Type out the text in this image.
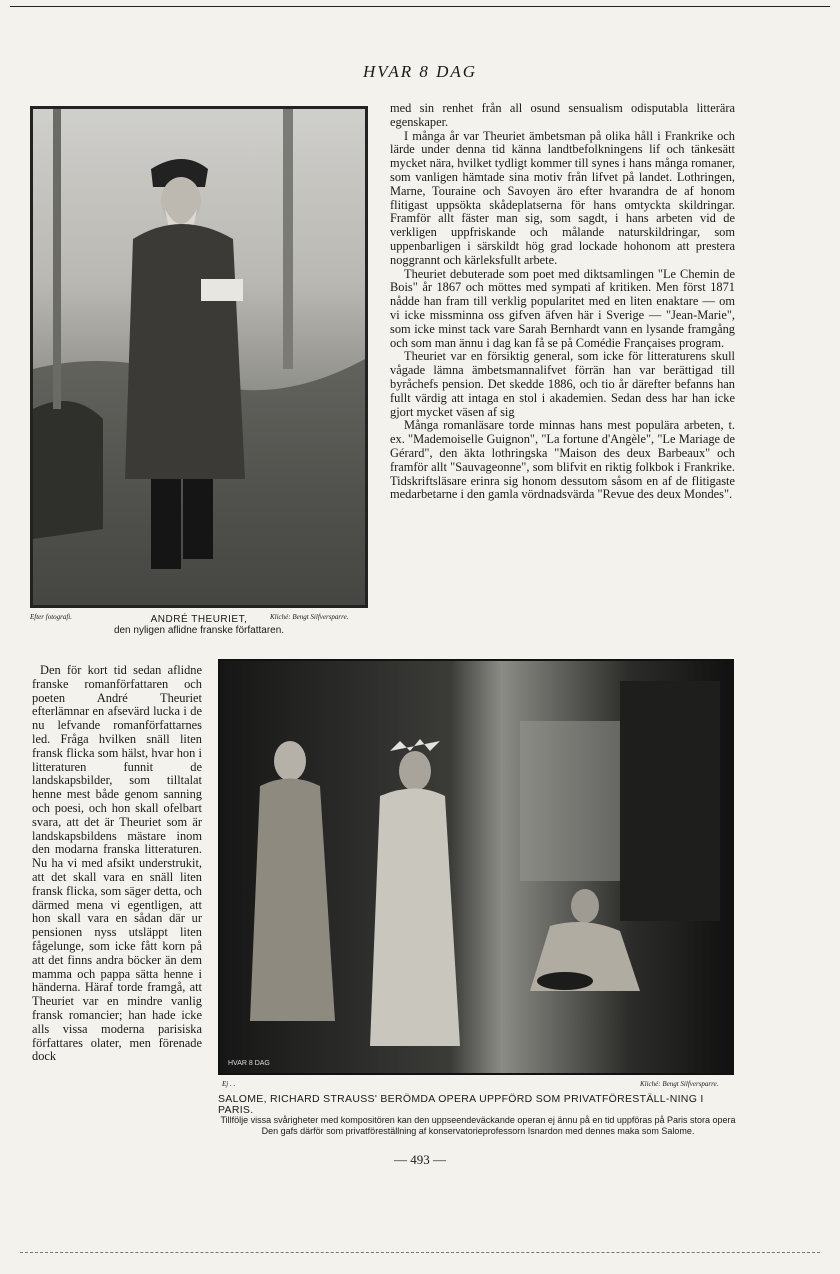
HVAR 8 DAG
Efter fotografi.	Kliché: Bengt Silfversparre.
ANDRÉ THEURIET,
den nyligen aflidne franske författaren.

med sin renhet från all osund sensualism odisputabla litterära egenskaper.

I många år var Theuriet ämbetsman på olika håll i Frankrike och lärde under denna tid känna landtbefolkningens lif och tänkesätt mycket nära, hvilket tydligt kommer till synes i hans många romaner, som vanligen hämtade sina motiv från lifvet på landet. Lothringen, Marne, Touraine och Savoyen äro efter hvarandra de af honom flitigast uppsökta skådeplatserna för hans omtyckta skildringar. Framför allt fäster man sig, som sagdt, i hans arbeten vid de verkligen uppfriskande och målande naturskildringar, som uppenbarligen i särskildt hög grad lockade hohonom att prestera noggrannt och kärleksfullt arbete.

Theuriet debuterade som poet med diktsamlingen "Le Chemin de Bois" år 1867 och möttes med sympati af kritiken. Men först 1871 nådde han fram till verklig popularitet med en liten enaktare — om vi icke missminna oss gifven äfven här i Sverige — "Jean-Marie", som icke minst tack vare Sarah Bernhardt vann en lysande framgång och som man ännu i dag kan få se på Comédie Françaises program.

Theuriet var en försiktig general, som icke för litteraturens skull vågade lämna ämbetsmannalifvet förrän han var berättigad till byråchefs pension. Det skedde 1886, och tio år därefter befanns han fullt värdig att intaga en stol i akademien. Sedan dess har han icke gjort mycket väsen af sig

Många romanläsare torde minnas hans mest populära arbeten, t. ex. "Mademoiselle Guignon", "La fortune d'Angèle", "Le Mariage de Gérard", den äkta lothringska "Maison des deux Barbeaux" och framför allt "Sauvageonne", som blifvit en riktig folkbok i Frankrike. Tidskriftsläsare erinra sig honom dessutom såsom en af de flitigaste medarbetarne i den gamla vördnadsvärda "Revue des deux Mondes".

Den för kort tid sedan aflidne franske romanförfattaren och poeten André Theuriet efterlämnar en afsevärd lucka i de nu lefvande romanförfattarnes led. Fråga hvilken snäll liten fransk flicka som hälst, hvar hon i litteraturen funnit de landskapsbilder, som tilltalat henne mest både genom sanning och poesi, och hon skall ofelbart svara, att det är Theuriet som är landskapsbildens mästare inom den modarna franska litteraturen. Nu ha vi med afsikt understrukit, att det skall vara en snäll liten fransk flicka, som säger detta, och därmed mena vi egentligen, att hon skall vara en sådan där ur pensionen nyss utsläppt liten fågelunge, som icke fått korn på att det finns andra böcker än dem mamma och pappa sätta henne i händerna. Häraf torde framgå, att Theuriet var en mindre vanlig fransk romancier; han hade icke alls vissa moderna parisiska författares olater, men förenade dock

HVAR 8 DAG
Ej . .	Kliché: Bengt Silfversparre.
SALOME, RICHARD STRAUSS' BERÖMDA OPERA UPPFÖRD SOM PRIVATFÖRESTÄLL-NING I PARIS.
Tillfölje vissa svårigheter med kompositören kan den uppseendeväckande operan ej ännu på en tid uppföras på Paris stora opera Den gafs därför som privatföreställning af konservatorieprofessorn Isnardon med dennes maka som Salome.
— 493 —
